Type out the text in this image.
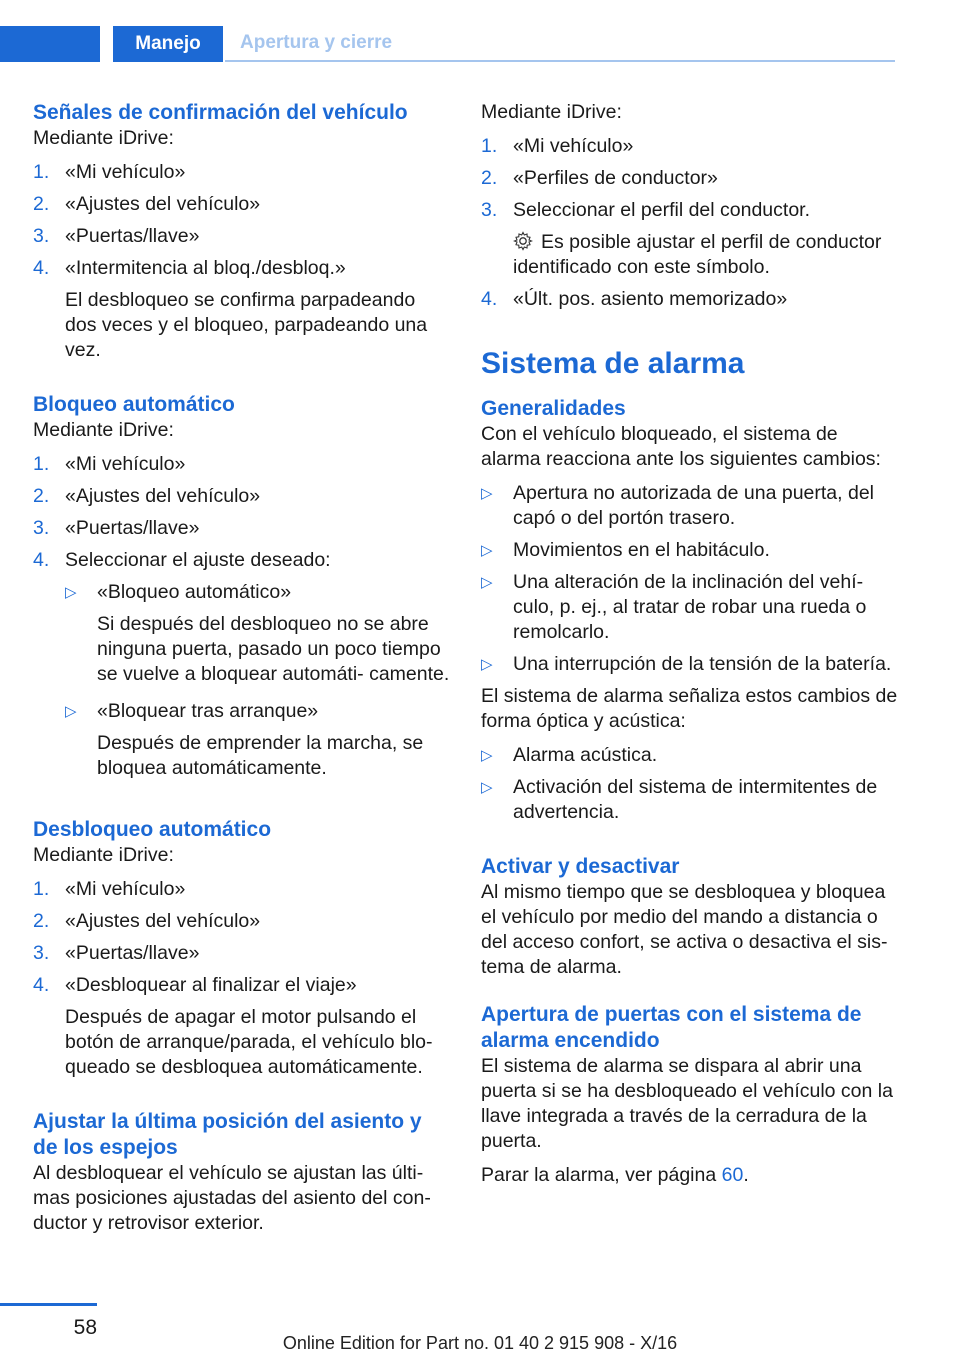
Manejo	Apertura y cierre
Señales de confirmación del vehículo

Mediante iDrive:

1. «Mi vehículo»
2. «Ajustes del vehículo»
3. «Puertas/llave»
4. «Intermitencia al bloq./desbloq.»
El desbloqueo se confirma parpadeando dos veces y el bloqueo, parpadeando una vez.
Bloqueo automático

Mediante iDrive:

1. «Mi vehículo»
2. «Ajustes del vehículo»
3. «Puertas/llave»
4. Seleccionar el ajuste deseado:
▷	«Bloqueo automático»
Si después del desbloqueo no se abre ninguna puerta, pasado un poco tiempo se vuelve a bloquear automáti‐ camente.
▷	«Bloquear tras arranque»
Después de emprender la marcha, se bloquea automáticamente.
Desbloqueo automático

Mediante iDrive:

1. «Mi vehículo»
2. «Ajustes del vehículo»
3. «Puertas/llave»
4. «Desbloquear al finalizar el viaje»
Después de apagar el motor pulsando el botón de arranque/parada, el vehículo blo‐ queado se desbloquea automáticamente.
Ajustar la última posición del asiento y de los espejos

Al desbloquear el vehículo se ajustan las últi‐ mas posiciones ajustadas del asiento del con‐ ductor y retrovisor exterior.

Mediante iDrive:

1. «Mi vehículo»
2. «Perfiles de conductor»
3. Seleccionar el perfil del conductor.
Es posible ajustar el perfil de conductor identificado con este símbolo.
4. «Últ. pos. asiento memorizado»
Sistema de alarma
Generalidades

Con el vehículo bloqueado, el sistema de alarma reacciona ante los siguientes cambios:

▷	Apertura no autorizada de una puerta, del capó o del portón trasero.
▷	Movimientos en el habitáculo.
▷	Una alteración de la inclinación del vehí‐ culo, p. ej., al tratar de robar una rueda o remolcarlo.
▷	Una interrupción de la tensión de la batería.

El sistema de alarma señaliza estos cambios de forma óptica y acústica:

▷	Alarma acústica.
▷	Activación del sistema de intermitentes de advertencia.
Activar y desactivar

Al mismo tiempo que se desbloquea y bloquea el vehículo por medio del mando a distancia o del acceso confort, se activa o desactiva el sis‐ tema de alarma.

Apertura de puertas con el sistema de alarma encendido

El sistema de alarma se dispara al abrir una puerta si se ha desbloqueado el vehículo con la llave integrada a través de la cerradura de la puerta.

Parar la alarma, ver página 60.

58
Online Edition for Part no. 01 40 2 915 908 - X/16
